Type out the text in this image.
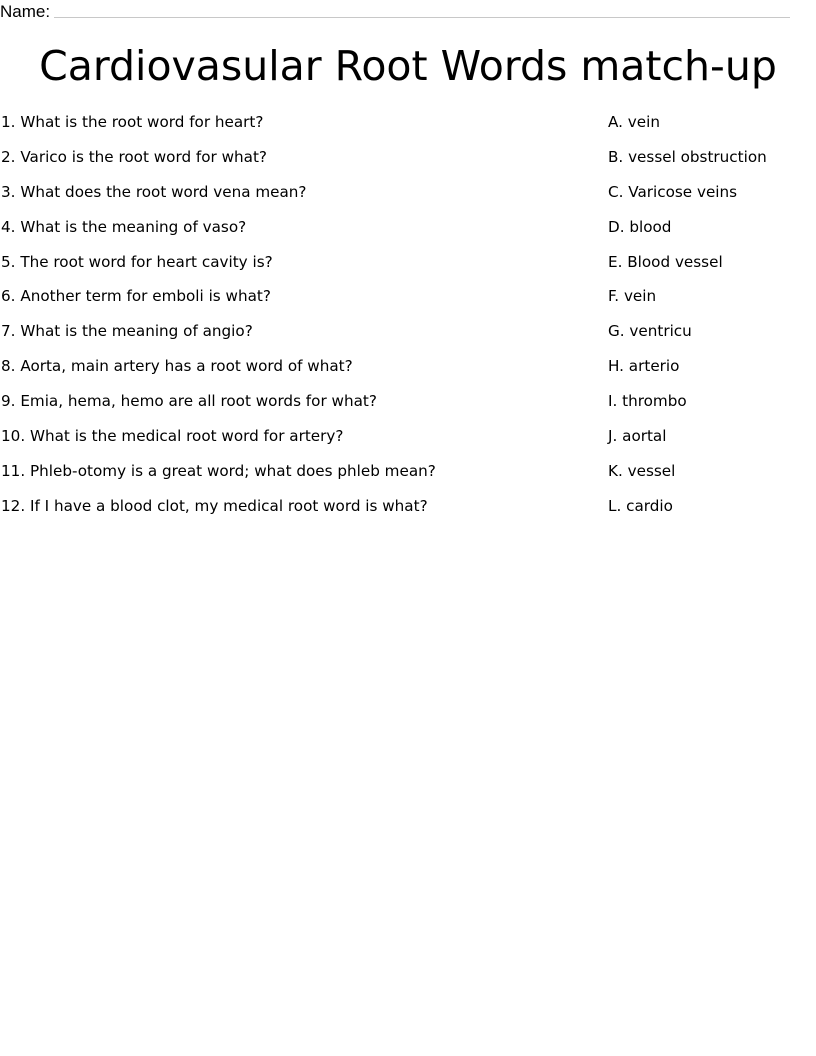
Name:
Cardiovasular Root Words match-up
1. What is the root word for heart?
2. Varico is the root word for what?
3. What does the root word vena mean?
4. What is the meaning of vaso?
5. The root word for heart cavity is?
6. Another term for emboli is what?
7. What is the meaning of angio?
8. Aorta, main artery has a root word of what?
9. Emia, hema, hemo are all root words for what?
10. What is the medical root word for artery?
11. Phleb-otomy is a great word; what does phleb mean?
12. If I have a blood clot, my medical root word is what?
A. vein
B. vessel obstruction
C. Varicose veins
D. blood
E. Blood vessel
F. vein
G. ventricu
H. arterio
I. thrombo
J. aortal
K. vessel
L. cardio
